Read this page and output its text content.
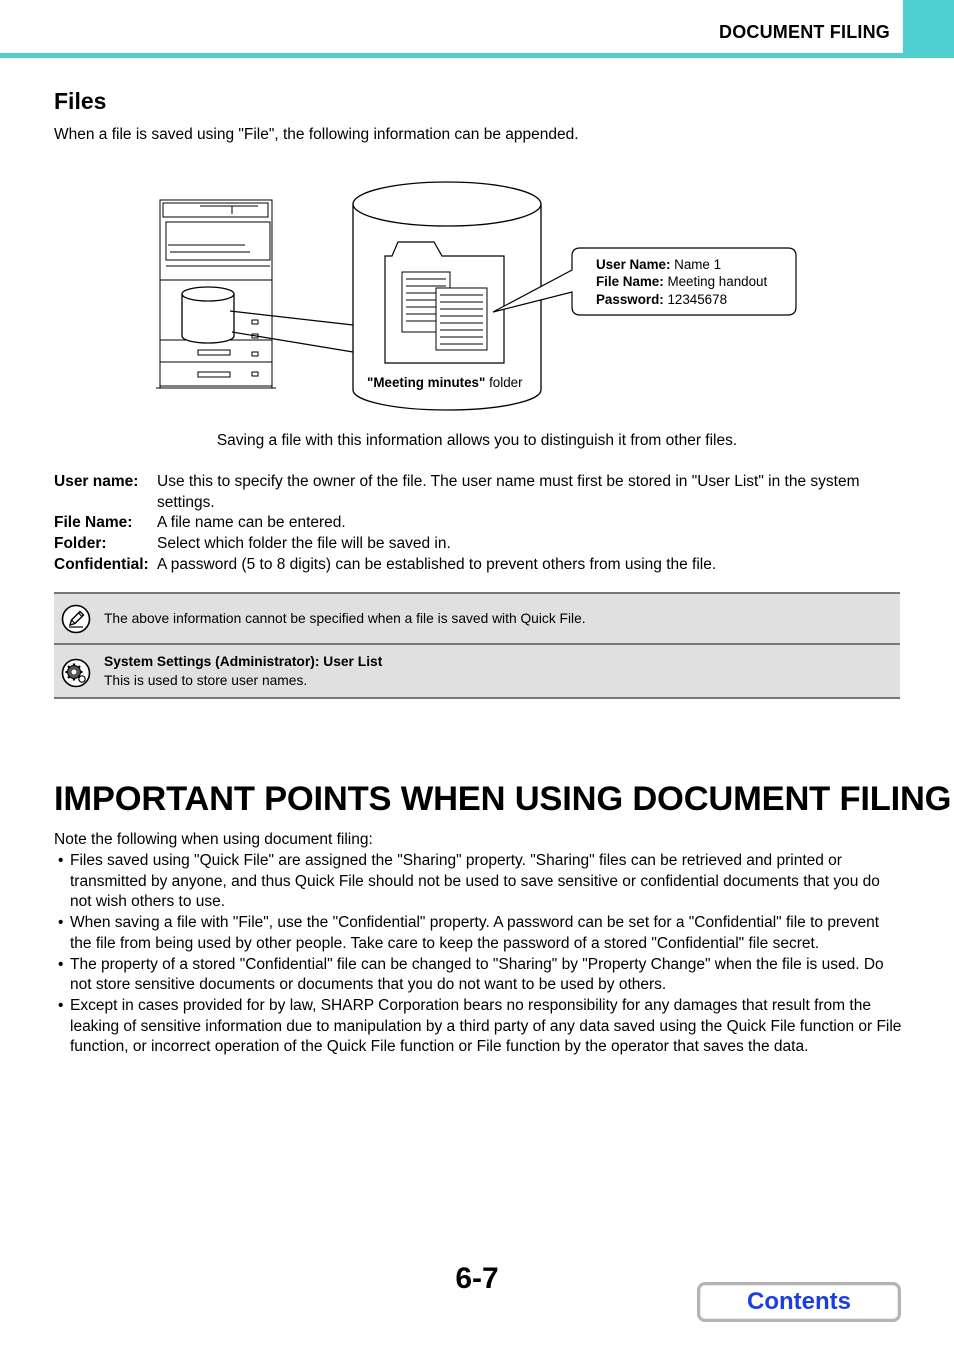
DOCUMENT FILING
Files
When a file is saved using "File", the following information can be appended.
User Name: Name 1
File Name: Meeting handout
Password: 12345678
"Meeting minutes" folder
Saving a file with this information allows you to distinguish it from other files.
User name:	Use this to specify the owner of the file. The user name must first be stored in "User List" in the system settings.
File Name:	A file name can be entered.
Folder:	Select which folder the file will be saved in.
Confidential: A password (5 to 8 digits) can be established to prevent others from using the file.
The above information cannot be specified when a file is saved with Quick File.
System Settings (Administrator): User List
This is used to store user names.
IMPORTANT POINTS WHEN USING DOCUMENT FILING
Note the following when using document filing:
• Files saved using "Quick File" are assigned the "Sharing" property. "Sharing" files can be retrieved and printed or transmitted by anyone, and thus Quick File should not be used to save sensitive or confidential documents that you do not wish others to use.
• When saving a file with "File", use the "Confidential" property. A password can be set for a "Confidential" file to prevent the file from being used by other people. Take care to keep the password of a stored "Confidential" file secret.
• The property of a stored "Confidential" file can be changed to "Sharing" by "Property Change" when the file is used. Do not store sensitive documents or documents that you do not want to be used by others.
• Except in cases provided for by law, SHARP Corporation bears no responsibility for any damages that result from the leaking of sensitive information due to manipulation by a third party of any data saved using the Quick File function or File function, or incorrect operation of the Quick File function or File function by the operator that saves the data.
6-7
Contents
